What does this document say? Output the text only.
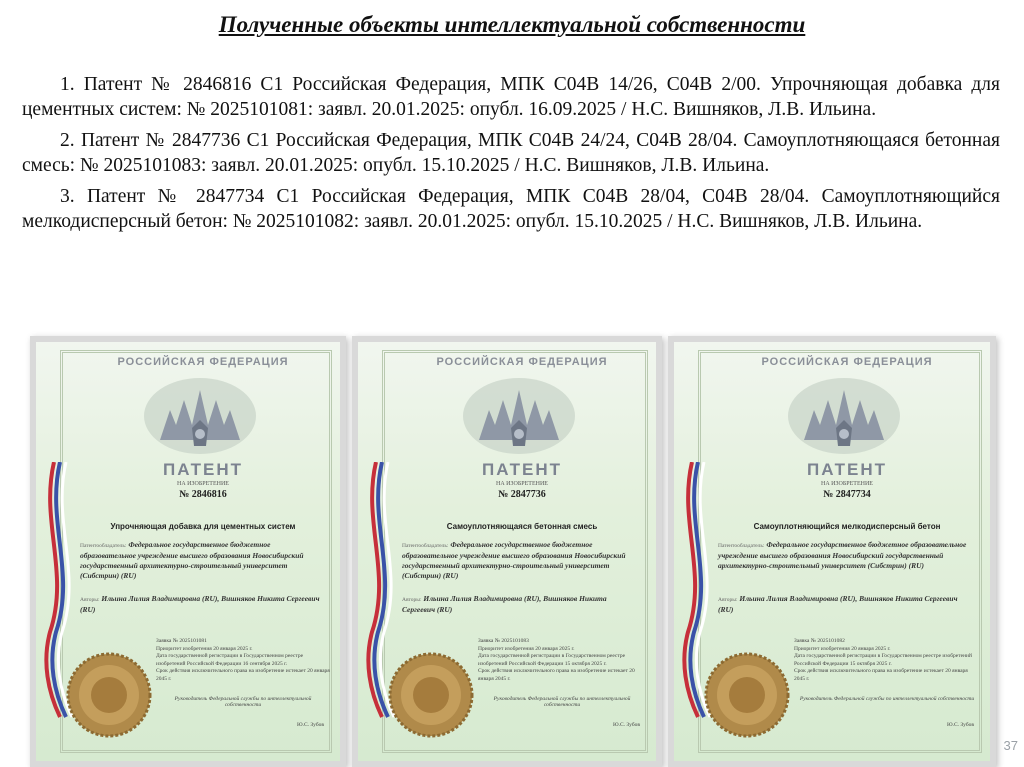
Полученные объекты интеллектуальной собственности

1. Патент № 2846816 С1 Российская Федерация, МПК C04B 14/26, C04B 2/00. Упрочняющая добавка для цементных систем: № 2025101081: заявл. 20.01.2025: опубл. 16.09.2025 / Н.С. Вишняков, Л.В. Ильина.

2. Патент № 2847736 С1 Российская Федерация, МПК C04B 24/24, C04B 28/04. Самоуплотняющаяся бетонная смесь: № 2025101083: заявл. 20.01.2025: опубл. 15.10.2025 / Н.С. Вишняков, Л.В. Ильина.

3. Патент № 2847734 С1 Российская Федерация, МПК C04B 28/04, C04B 28/04. Самоуплотняющийся мелкодисперсный бетон: № 2025101082: заявл. 20.01.2025: опубл. 15.10.2025 / Н.С. Вишняков, Л.В. Ильина.

РОССИЙСКАЯ ФЕДЕРАЦИЯ
ПАТЕНТ
НА ИЗОБРЕТЕНИЕ
№ 2846816
Упрочняющая добавка для цементных систем
Патентообладатель: Федеральное государственное бюджетное образовательное учреждение высшего образования Новосибирский государственный архитектурно-строительный университет (Сибстрин) (RU)
Авторы: Ильина Лилия Владимировна (RU), Вишняков Никита Сергеевич (RU)
Заявка № 2025101081
Приоритет изобретения 20 января 2025 г.
Дата государственной регистрации в Государственном реестре изобретений Российской Федерации 16 сентября 2025 г.
Срок действия исключительного права на изобретение истекает 20 января 2045 г.
Руководитель Федеральной службы по интеллектуальной собственности
Ю.С. Зубов
РОССИЙСКАЯ ФЕДЕРАЦИЯ
ПАТЕНТ
НА ИЗОБРЕТЕНИЕ
№ 2847736
Самоуплотняющаяся бетонная смесь
Патентообладатель: Федеральное государственное бюджетное образовательное учреждение высшего образования Новосибирский государственный архитектурно-строительный университет (Сибстрин) (RU)
Авторы: Ильина Лилия Владимировна (RU), Вишняков Никита Сергеевич (RU)
Заявка № 2025101083
Приоритет изобретения 20 января 2025 г.
Дата государственной регистрации в Государственном реестре изобретений Российской Федерации 15 октября 2025 г.
Срок действия исключительного права на изобретение истекает 20 января 2045 г.
Руководитель Федеральной службы по интеллектуальной собственности
Ю.С. Зубов
РОССИЙСКАЯ ФЕДЕРАЦИЯ
ПАТЕНТ
НА ИЗОБРЕТЕНИЕ
№ 2847734
Самоуплотняющийся мелкодисперсный бетон
Патентообладатель: Федеральное государственное бюджетное образовательное учреждение высшего образования Новосибирский государственный архитектурно-строительный университет (Сибстрин) (RU)
Авторы: Ильина Лилия Владимировна (RU), Вишняков Никита Сергеевич (RU)
Заявка № 2025101082
Приоритет изобретения 20 января 2025 г.
Дата государственной регистрации в Государственном реестре изобретений Российской Федерации 15 октября 2025 г.
Срок действия исключительного права на изобретение истекает 20 января 2045 г.
Руководитель Федеральной службы по интеллектуальной собственности
Ю.С. Зубов
37
